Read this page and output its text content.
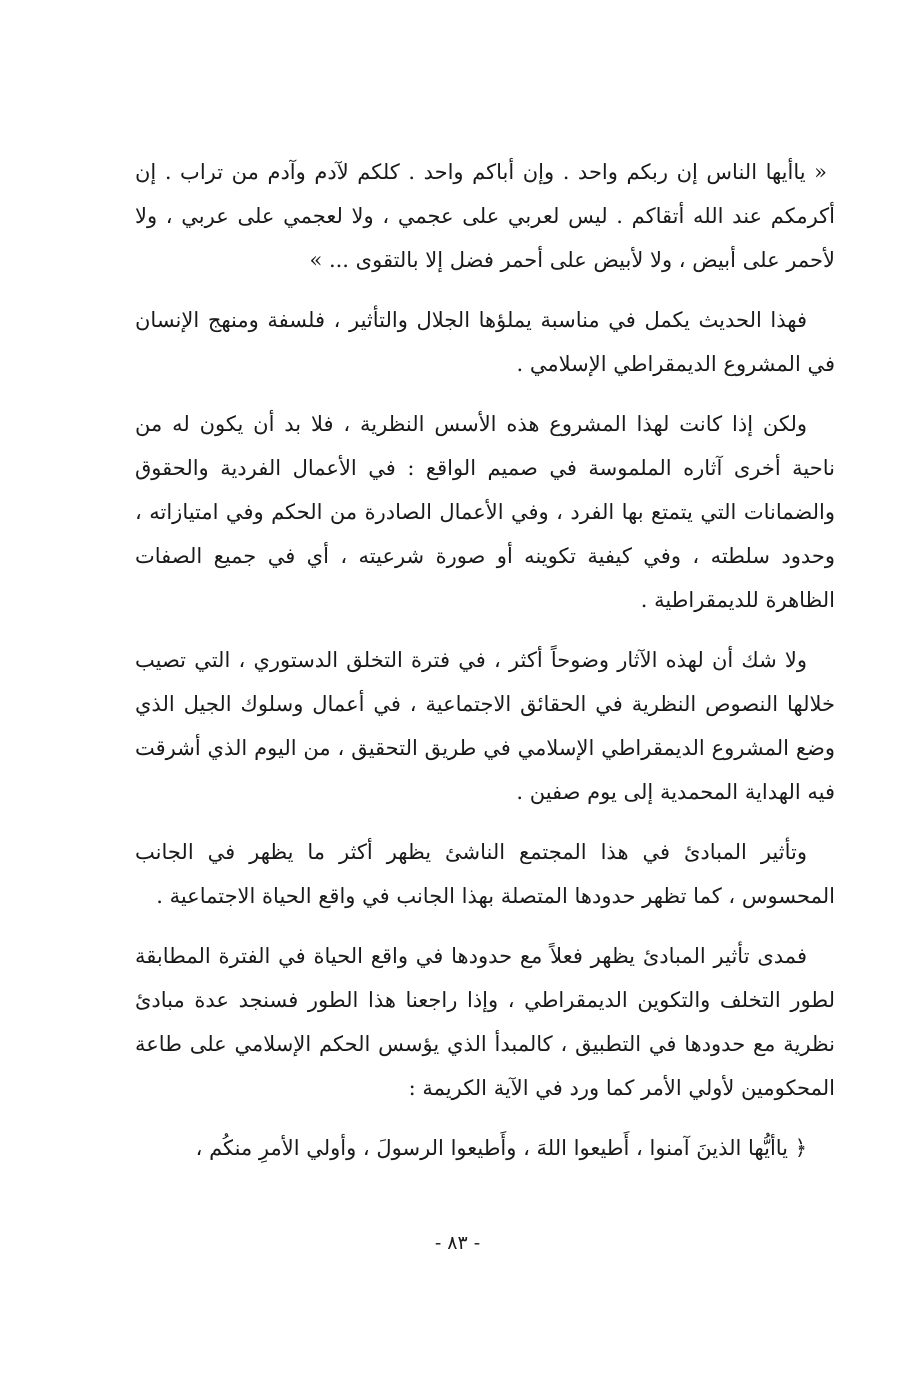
« ياأيها الناس إن ربكم واحد . وإن أباكم واحد . كلكم لآدم وآدم من تراب . إن أكرمكم عند الله أتقاكم . ليس لعربي على عجمي ، ولا لعجمي على عربي ، ولا لأحمر على أبيض ، ولا لأبيض على أحمر فضل إلا بالتقوى ... »

فهذا الحديث يكمل في مناسبة يملؤها الجلال والتأثير ، فلسفة ومنهج الإنسان في المشروع الديمقراطي الإسلامي .

ولكن إذا كانت لهذا المشروع هذه الأسس النظرية ، فلا بد أن يكون له من ناحية أخرى آثاره الملموسة في صميم الواقع : في الأعمال الفردية والحقوق والضمانات التي يتمتع بها الفرد ، وفي الأعمال الصادرة من الحكم وفي امتيازاته ، وحدود سلطته ، وفي كيفية تكوينه أو صورة شرعيته ، أي في جميع الصفات الظاهرة للديمقراطية .

ولا شك أن لهذه الآثار وضوحاً أكثر ، في فترة التخلق الدستوري ، التي تصيب خلالها النصوص النظرية في الحقائق الاجتماعية ، في أعمال وسلوك الجيل الذي وضع المشروع الديمقراطي الإسلامي في طريق التحقيق ، من اليوم الذي أشرقت فيه الهداية المحمدية إلى يوم صفين .

وتأثير المبادئ في هذا المجتمع الناشئ يظهر أكثر ما يظهر في الجانب المحسوس ، كما تظهر حدودها المتصلة بهذا الجانب في واقع الحياة الاجتماعية .

فمدى تأثير المبادئ يظهر فعلاً مع حدودها في واقع الحياة في الفترة المطابقة لطور التخلف والتكوين الديمقراطي ، وإذا راجعنا هذا الطور فسنجد عدة مبادئ نظرية مع حدودها في التطبيق ، كالمبدأ الذي يؤسس الحكم الإسلامي على طاعة المحكومين لأولي الأمر كما ورد في الآية الكريمة :

﴿ ياأيُّها الذينَ آمنوا ، أَطيعوا اللهَ ، وأَطيعوا الرسولَ ، وأولي الأمرِ منكُم ،

- ٨٣ -
